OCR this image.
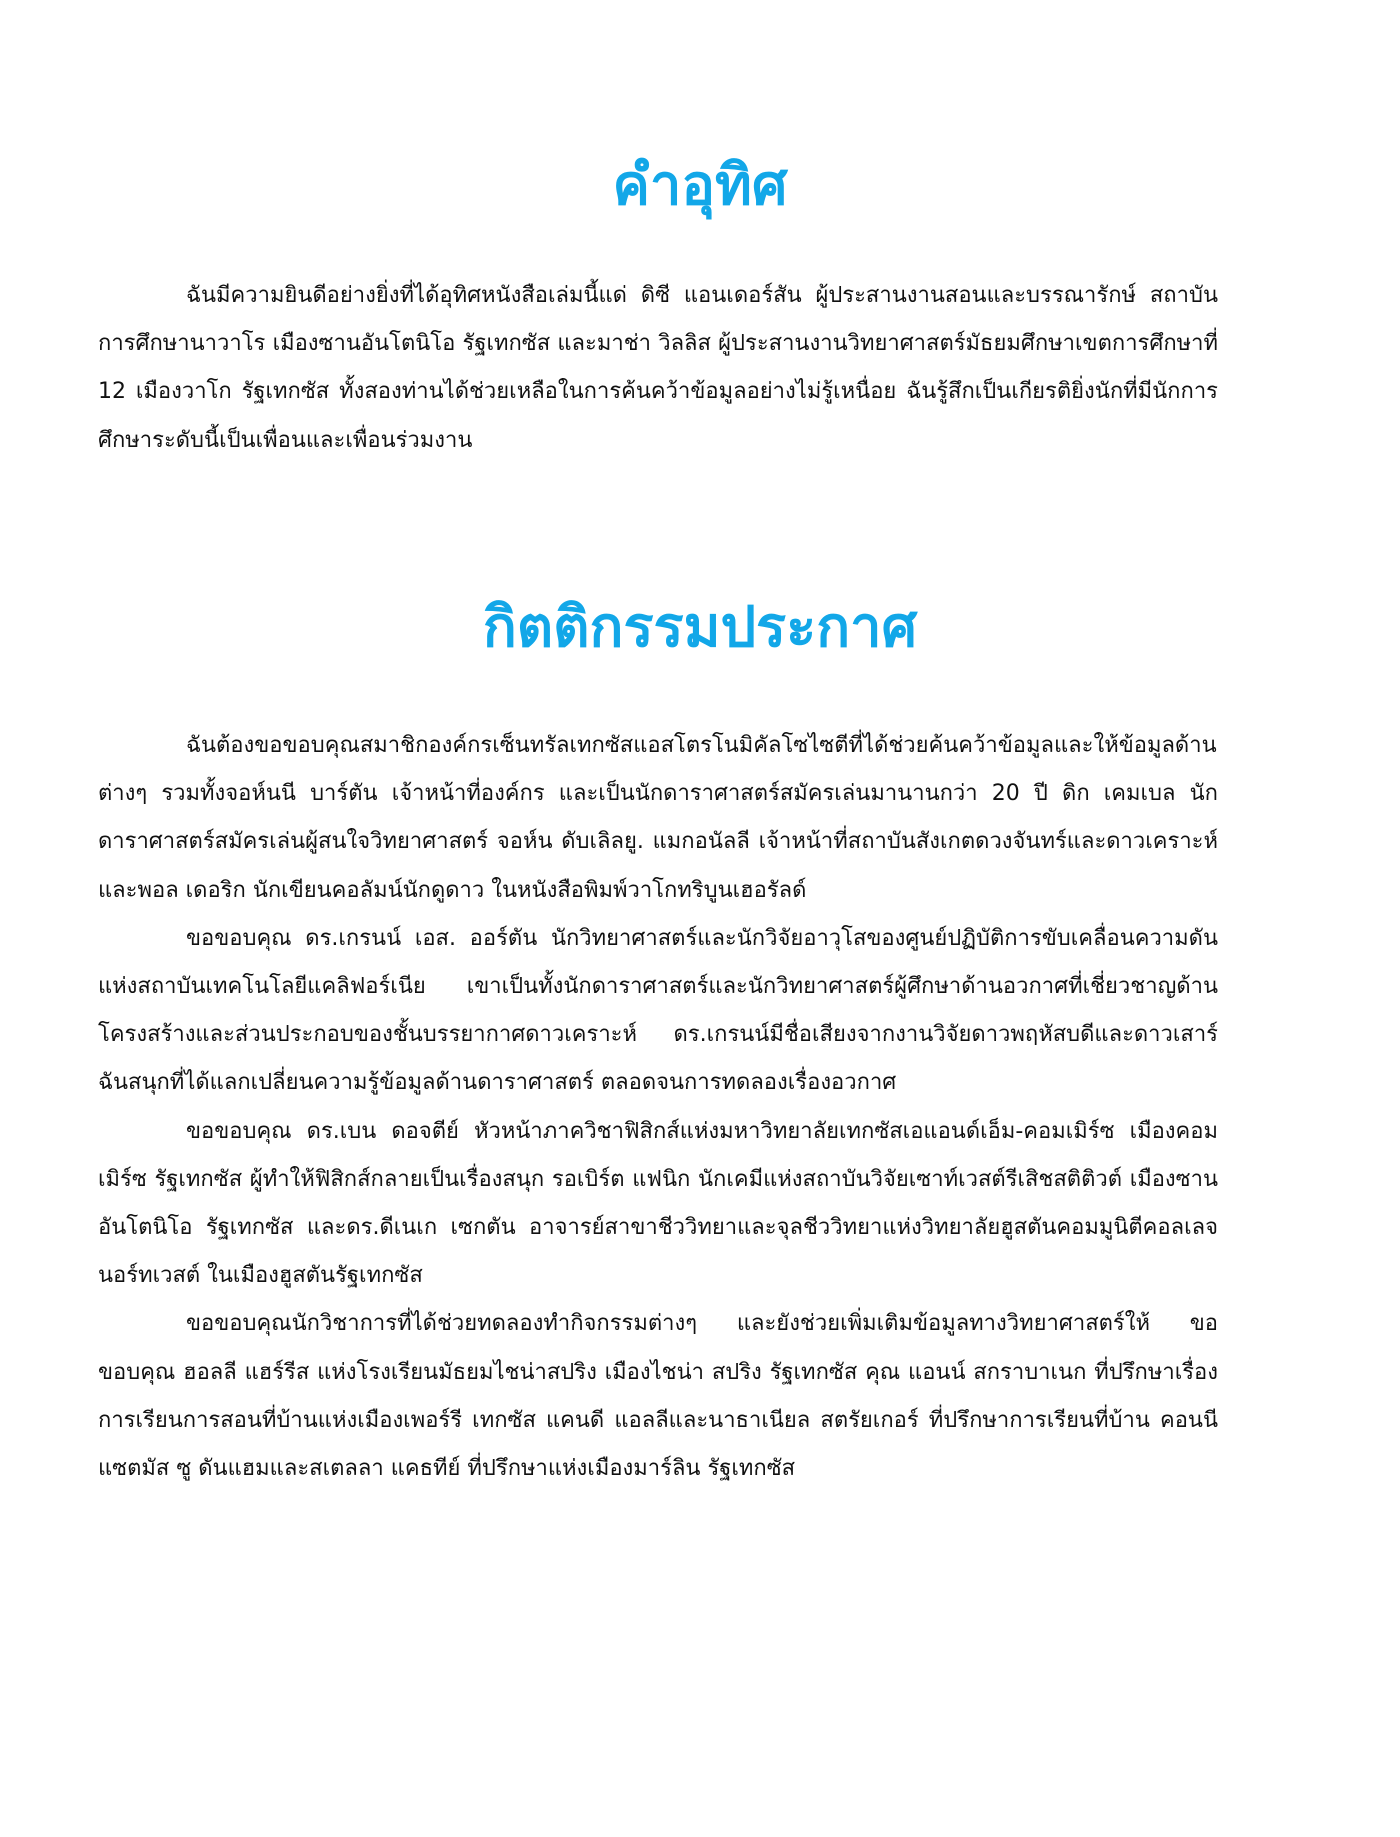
คำอุทิศ

ฉันมีความยินดีอย่างยิ่งที่ได้อุทิศหนังสือเล่มนี้แด่ ดิซี แอนเดอร์สัน ผู้ประสานงานสอนและบรรณารักษ์ สถาบันการศึกษานาวาโร เมืองซานอันโตนิโอ รัฐเทกซัส และมาช่า วิลลิส ผู้ประสานงานวิทยาศาสตร์มัธยมศึกษาเขตการศึกษาที่ 12 เมืองวาโก รัฐเทกซัส ทั้งสองท่านได้ช่วยเหลือในการค้นคว้าข้อมูลอย่างไม่รู้เหนื่อย ฉันรู้สึกเป็นเกียรติยิ่งนักที่มีนักการศึกษาระดับนี้เป็นเพื่อนและเพื่อนร่วมงาน

กิตติกรรมประกาศ

ฉันต้องขอขอบคุณสมาชิกองค์กรเซ็นทรัลเทกซัสแอสโตรโนมิคัลโซไซตีที่ได้ช่วยค้นคว้าข้อมูลและให้ข้อมูลด้านต่างๆ รวมทั้งจอห์นนี บาร์ตัน เจ้าหน้าที่องค์กร และเป็นนักดาราศาสตร์สมัครเล่นมานานกว่า 20 ปี ดิก เคมเบล นักดาราศาสตร์สมัครเล่นผู้สนใจวิทยาศาสตร์ จอห์น ดับเลิลยู. แมกอนัลลี เจ้าหน้าที่สถาบันสังเกตดวงจันทร์และดาวเคราะห์ และพอล เดอริก นักเขียนคอลัมน์นักดูดาว ในหนังสือพิมพ์วาโกทริบูนเฮอรัลด์

ขอขอบคุณ ดร.เกรนน์ เอส. ออร์ตัน นักวิทยาศาสตร์และนักวิจัยอาวุโสของศูนย์ปฏิบัติการขับเคลื่อนความดันแห่งสถาบันเทคโนโลยีแคลิฟอร์เนีย เขาเป็นทั้งนักดาราศาสตร์และนักวิทยาศาสตร์ผู้ศึกษาด้านอวกาศที่เชี่ยวชาญด้านโครงสร้างและส่วนประกอบของชั้นบรรยากาศดาวเคราะห์ ดร.เกรนน์มีชื่อเสียงจากงานวิจัยดาวพฤหัสบดีและดาวเสาร์ ฉันสนุกที่ได้แลกเปลี่ยนความรู้ข้อมูลด้านดาราศาสตร์ ตลอดจนการทดลองเรื่องอวกาศ

ขอขอบคุณ ดร.เบน ดอจตีย์ หัวหน้าภาควิชาฟิสิกส์แห่งมหาวิทยาลัยเทกซัสเอแอนด์เอ็ม-คอมเมิร์ซ เมืองคอมเมิร์ซ รัฐเทกซัส ผู้ทำให้ฟิสิกส์กลายเป็นเรื่องสนุก รอเบิร์ต แฟนิก นักเคมีแห่งสถาบันวิจัยเซาท์เวสต์รีเสิชสติติวต์ เมืองซานอันโตนิโอ รัฐเทกซัส และดร.ดีเนเก เซกตัน อาจารย์สาขาชีววิทยาและจุลชีววิทยาแห่งวิทยาลัยฮูสตันคอมมูนิตีคอลเลจ นอร์ทเวสต์ ในเมืองฮูสตันรัฐเทกซัส

ขอขอบคุณนักวิชาการที่ได้ช่วยทดลองทำกิจกรรมต่างๆ และยังช่วยเพิ่มเติมข้อมูลทางวิทยาศาสตร์ให้ ขอขอบคุณ ฮอลลี แฮร์รีส แห่งโรงเรียนมัธยมไชน่าสปริง เมืองไชน่า สปริง รัฐเทกซัส คุณ แอนน์ สกราบาเนก ที่ปรึกษาเรื่องการเรียนการสอนที่บ้านแห่งเมืองเพอร์รี เทกซัส แคนดี แอลลีและนาธาเนียล สตรัยเกอร์ ที่ปรึกษาการเรียนที่บ้าน คอนนี แซตมัส ซู ดันแฮมและสเตลลา แคธทีย์ ที่ปรึกษาแห่งเมืองมาร์ลิน รัฐเทกซัส
